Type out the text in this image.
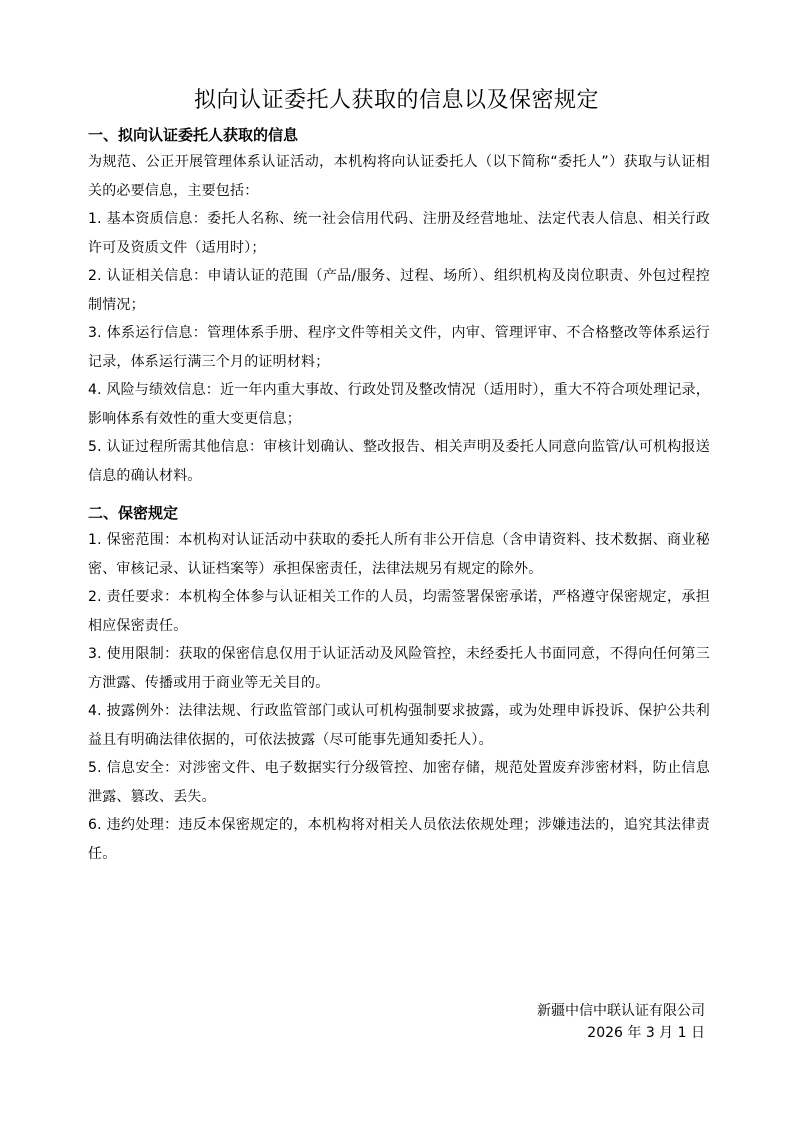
拟向认证委托人获取的信息以及保密规定

一、拟向认证委托人获取的信息

为规范、公正开展管理体系认证活动，本机构将向认证委托人（以下简称“委托人”）获取与认证相关的必要信息，主要包括：

1. 基本资质信息：委托人名称、统一社会信用代码、注册及经营地址、法定代表人信息、相关行政许可及资质文件（适用时）；

2. 认证相关信息：申请认证的范围（产品/服务、过程、场所）、组织机构及岗位职责、外包过程控制情况；

3. 体系运行信息：管理体系手册、程序文件等相关文件，内审、管理评审、不合格整改等体系运行记录，体系运行满三个月的证明材料；

4. 风险与绩效信息：近一年内重大事故、行政处罚及整改情况（适用时），重大不符合项处理记录，影响体系有效性的重大变更信息；

5. 认证过程所需其他信息：审核计划确认、整改报告、相关声明及委托人同意向监管/认可机构报送信息的确认材料。

二、保密规定

1. 保密范围：本机构对认证活动中获取的委托人所有非公开信息（含申请资料、技术数据、商业秘密、审核记录、认证档案等）承担保密责任，法律法规另有规定的除外。

2. 责任要求：本机构全体参与认证相关工作的人员，均需签署保密承诺，严格遵守保密规定，承担相应保密责任。

3. 使用限制：获取的保密信息仅用于认证活动及风险管控，未经委托人书面同意，不得向任何第三方泄露、传播或用于商业等无关目的。

4. 披露例外：法律法规、行政监管部门或认可机构强制要求披露，或为处理申诉投诉、保护公共利益且有明确法律依据的，可依法披露（尽可能事先通知委托人）。

5. 信息安全：对涉密文件、电子数据实行分级管控、加密存储，规范处置废弃涉密材料，防止信息泄露、篡改、丢失。

6. 违约处理：违反本保密规定的，本机构将对相关人员依法依规处理；涉嫌违法的，追究其法律责任。

新疆中信中联认证有限公司
2026 年 3 月 1 日
